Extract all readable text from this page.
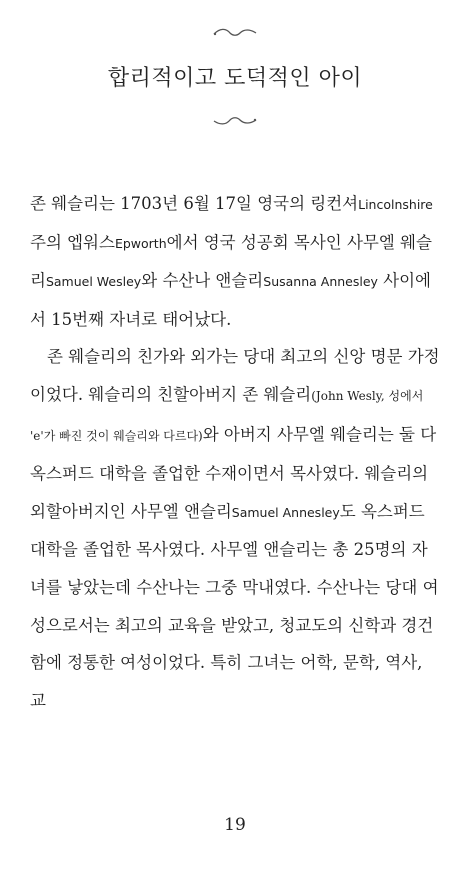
합리적이고 도덕적인 아이

존 웨슬리는 1703년 6월 17일 영국의 링컨셔Lincolnshire 주의 엡워스Epworth에서 영국 성공회 목사인 사무엘 웨슬리Samuel Wesley와 수산나 앤슬리Susanna Annesley 사이에서 15번째 자녀로 태어났다.

존 웨슬리의 친가와 외가는 당대 최고의 신앙 명문 가정이었다. 웨슬리의 친할아버지 존 웨슬리(John Wesly, 성에서 'e'가 빠진 것이 웨슬리와 다르다)와 아버지 사무엘 웨슬리는 둘 다 옥스퍼드 대학을 졸업한 수재이면서 목사였다. 웨슬리의 외할아버지인 사무엘 앤슬리Samuel Annesley도 옥스퍼드 대학을 졸업한 목사였다. 사무엘 앤슬리는 총 25명의 자녀를 낳았는데 수산나는 그중 막내였다. 수산나는 당대 여성으로서는 최고의 교육을 받았고, 청교도의 신학과 경건함에 정통한 여성이었다. 특히 그녀는 어학, 문학, 역사, 교

19
